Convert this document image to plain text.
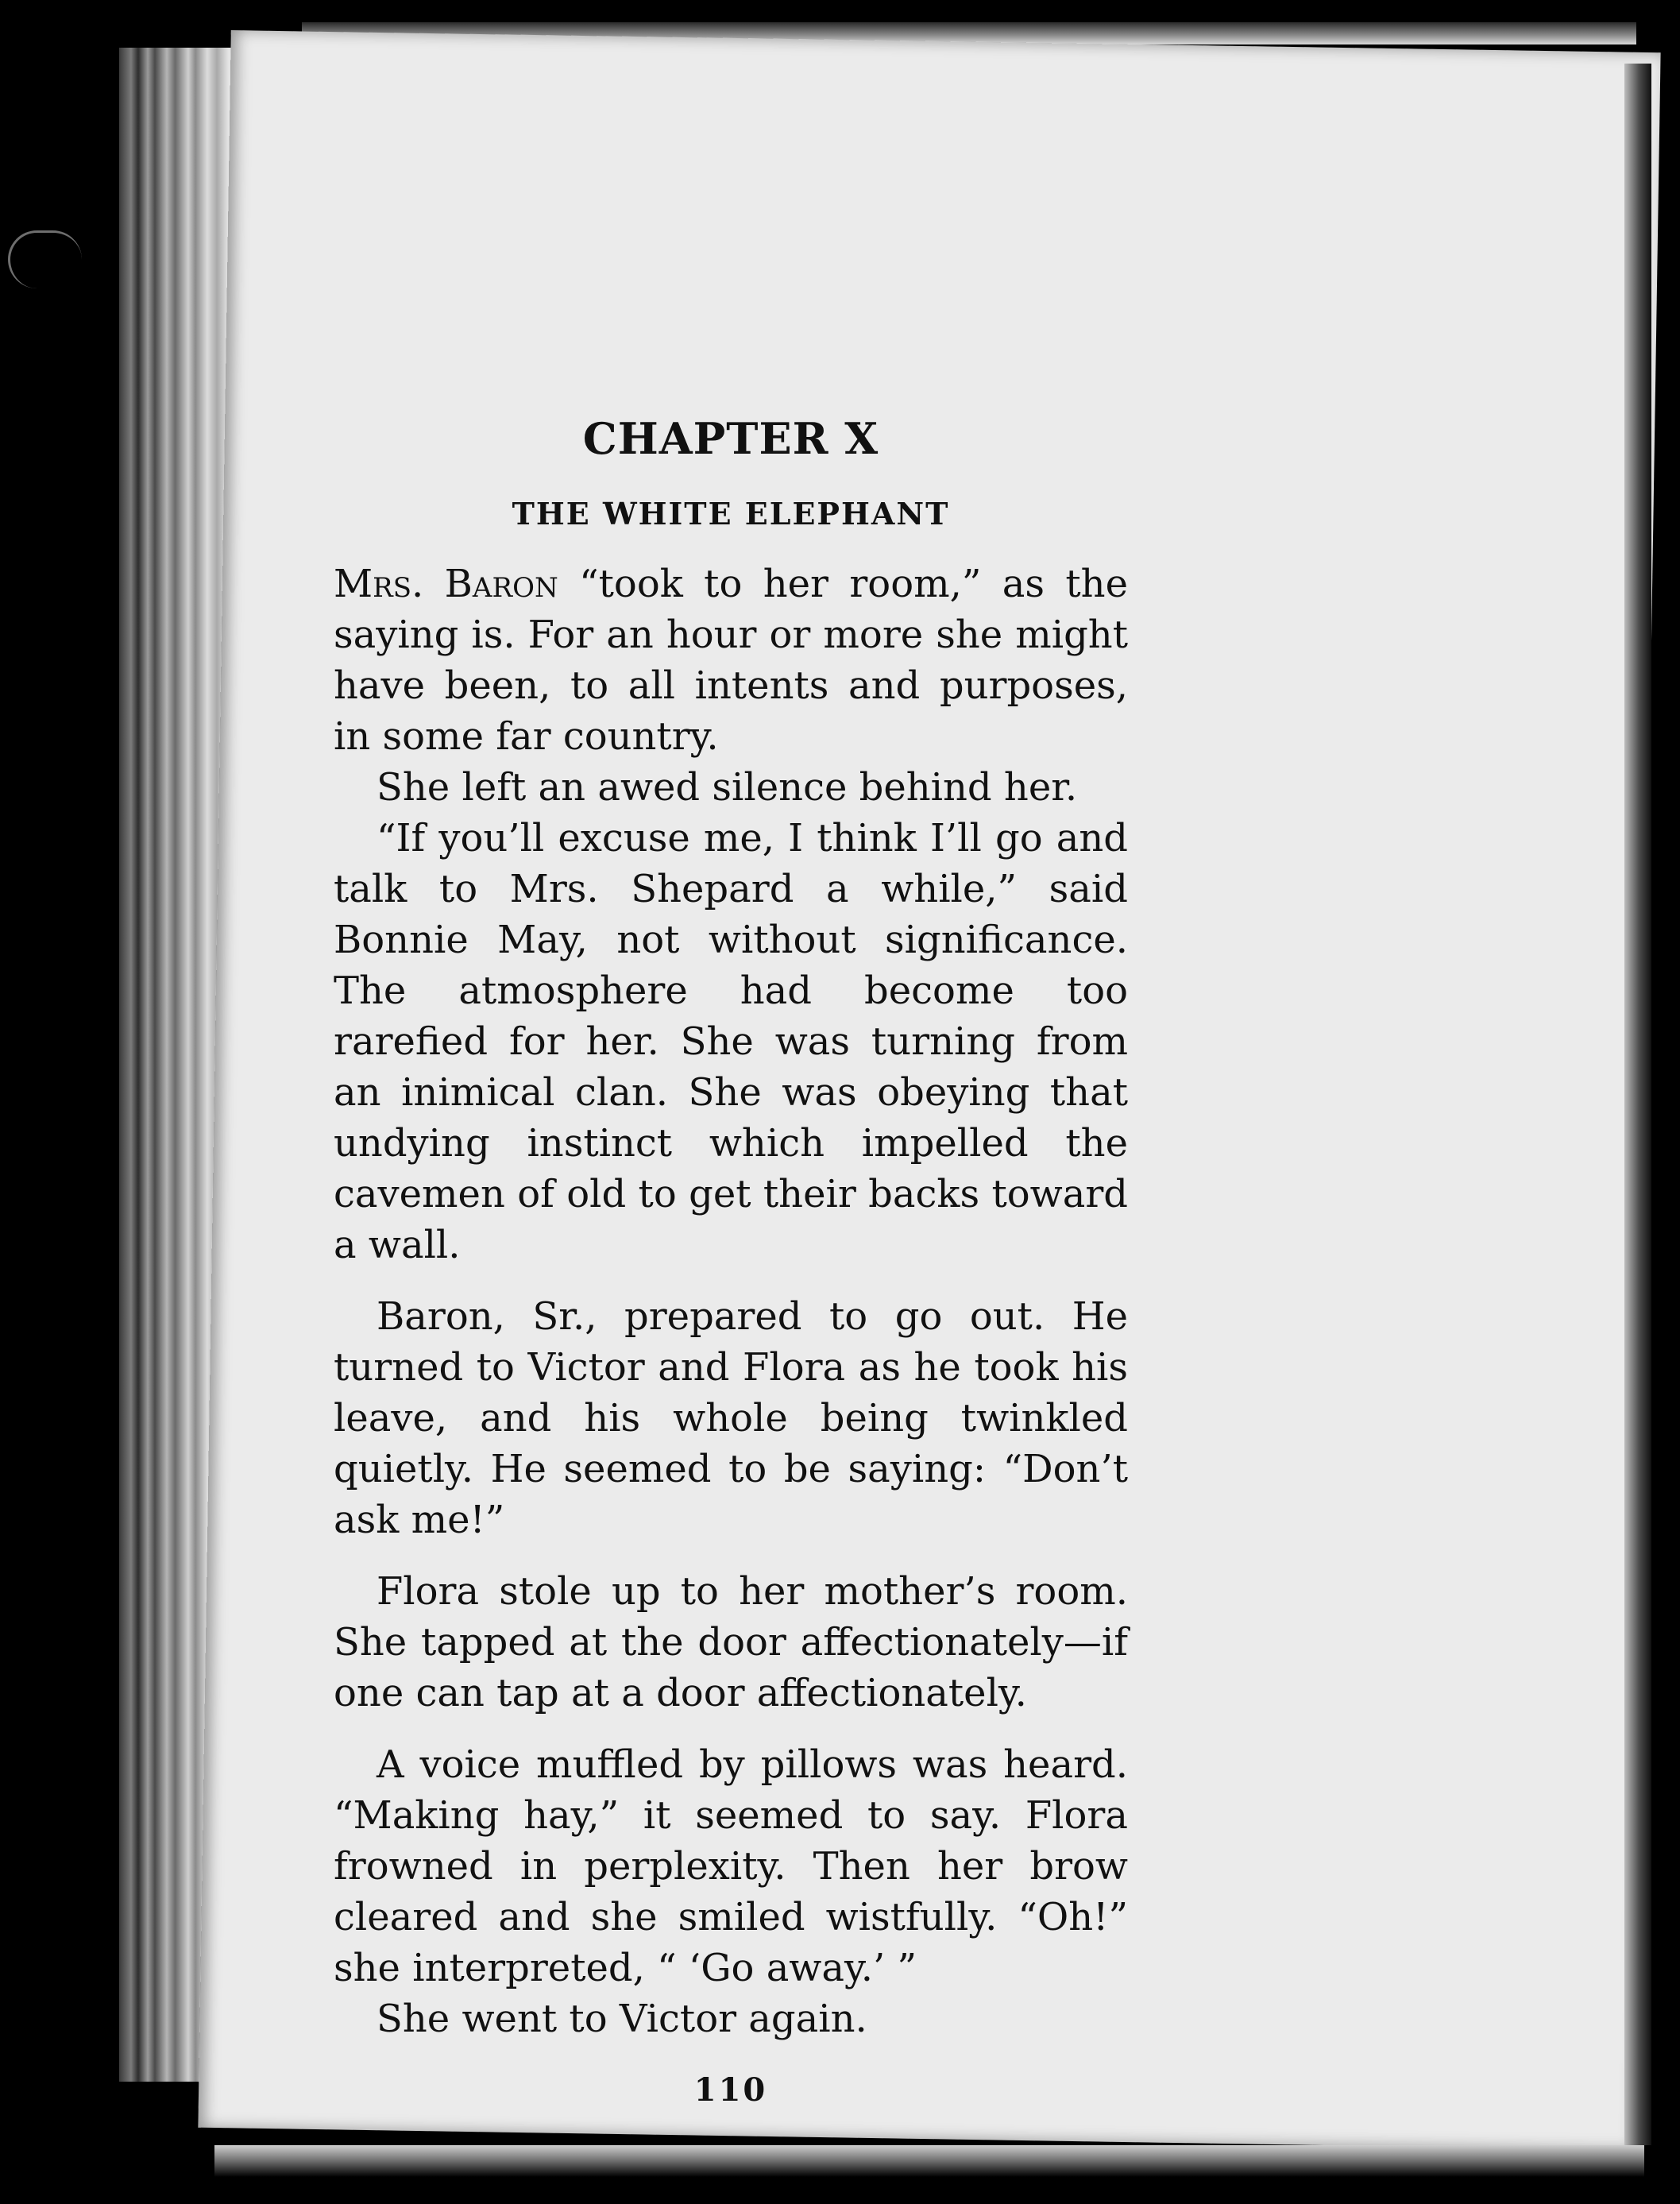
CHAPTER X
THE WHITE ELEPHANT

Mrs. Baron “took to her room,” as the saying is. For an hour or more she might have been, to all intents and purposes, in some far country.

She left an awed silence behind her.

“If you’ll excuse me, I think I’ll go and talk to Mrs. Shepard a while,” said Bonnie May, not without significance. The atmosphere had become too rarefied for her. She was turning from an inimical clan. She was obeying that undying instinct which impelled the cavemen of old to get their backs toward a wall.

Baron, Sr., prepared to go out. He turned to Victor and Flora as he took his leave, and his whole being twinkled quietly. He seemed to be saying: “Don’t ask me!”

Flora stole up to her mother’s room. She tapped at the door affectionately—if one can tap at a door affectionately.

A voice muffled by pillows was heard. “Making hay,” it seemed to say. Flora frowned in perplexity. Then her brow cleared and she smiled wistfully. “Oh!” she interpreted, “ ‘Go away.’ ”

She went to Victor again.

110
